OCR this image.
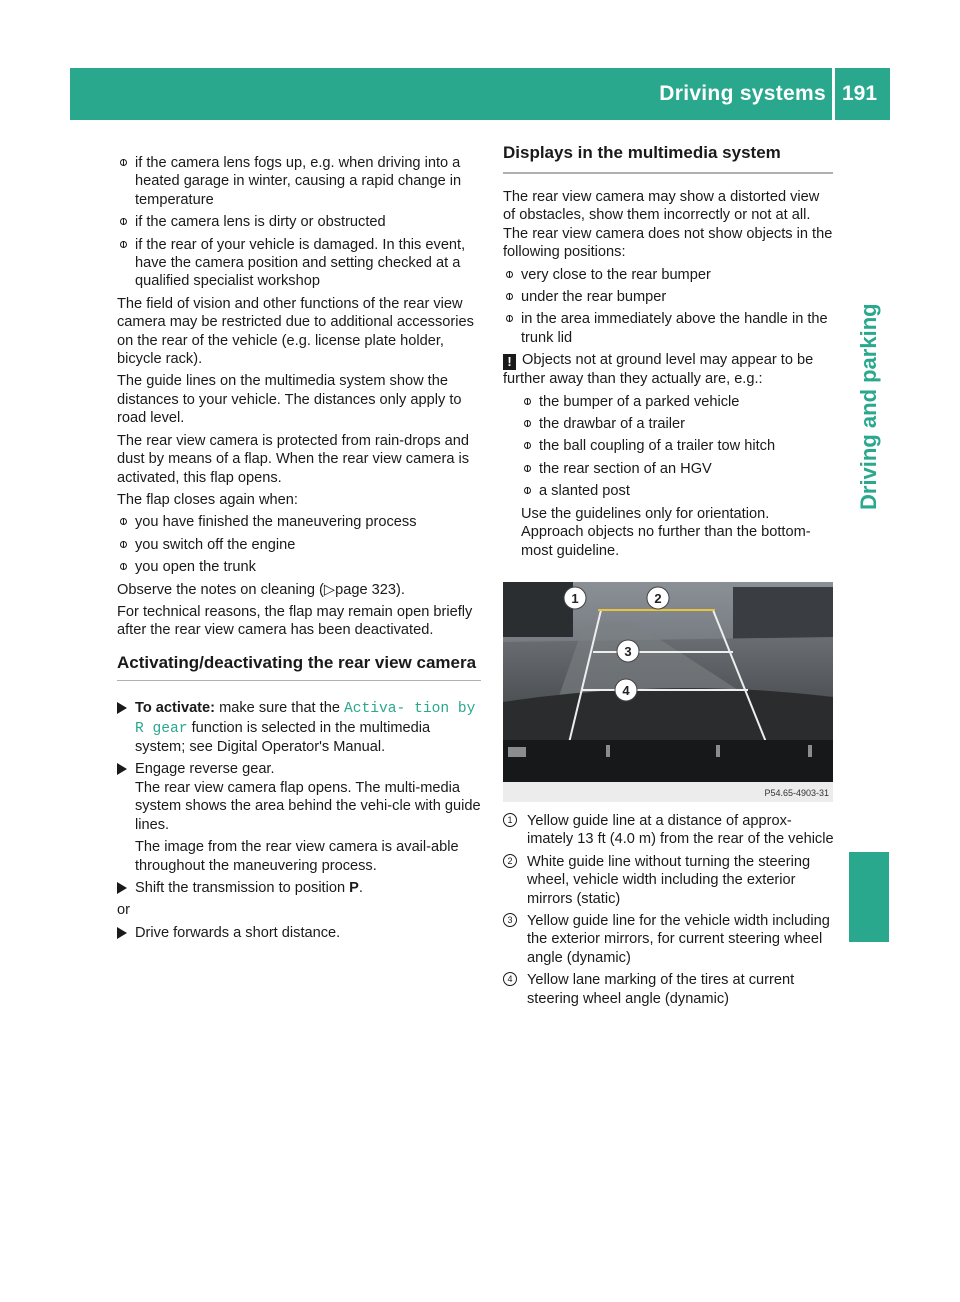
Driving systems 191
Driving and parking
if the camera lens fogs up, e.g. when driving into a heated garage in winter, causing a rapid change in temperature
if the camera lens is dirty or obstructed
if the rear of your vehicle is damaged. In this event, have the camera position and setting checked at a qualified specialist workshop

The field of vision and other functions of the rear view camera may be restricted due to additional accessories on the rear of the vehicle (e.g. license plate holder, bicycle rack).

The guide lines on the multimedia system show the distances to your vehicle. The distances only apply to road level.

The rear view camera is protected from rain-drops and dust by means of a flap. When the rear view camera is activated, this flap opens.

The flap closes again when:

you have finished the maneuvering process
you switch off the engine
you open the trunk

Observe the notes on cleaning (▷page 323).

For technical reasons, the flap may remain open briefly after the rear view camera has been deactivated.

Activating/deactivating the rear view camera
To activate: make sure that the Activa‐ tion by R gear function is selected in the multimedia system; see Digital Operator's Manual.
Engage reverse gear.
The rear view camera flap opens. The multi-media system shows the area behind the vehi-cle with guide lines.

The image from the rear view camera is avail-able throughout the maneuvering process.

Shift the transmission to position P.

or

Drive forwards a short distance.
Displays in the multimedia system

The rear view camera may show a distorted view of obstacles, show them incorrectly or not at all. The rear view camera does not show objects in the following positions:

very close to the rear bumper
under the rear bumper
in the area immediately above the handle in the trunk lid

! Objects not at ground level may appear to be further away than they actually are, e.g.:

the bumper of a parked vehicle
the drawbar of a trailer
the ball coupling of a trailer tow hitch
the rear section of an HGV
a slanted post

Use the guidelines only for orientation.

Approach objects no further than the bottom-most guideline.

1	2
3
4
P54.65-4903-31
1 Yellow guide line at a distance of approx-imately 13 ft (4.0 m) from the rear of the vehicle
2 White guide line without turning the steering wheel, vehicle width including the exterior mirrors (static)
3 Yellow guide line for the vehicle width including the exterior mirrors, for current steering wheel angle (dynamic)
4 Yellow lane marking of the tires at current steering wheel angle (dynamic)
